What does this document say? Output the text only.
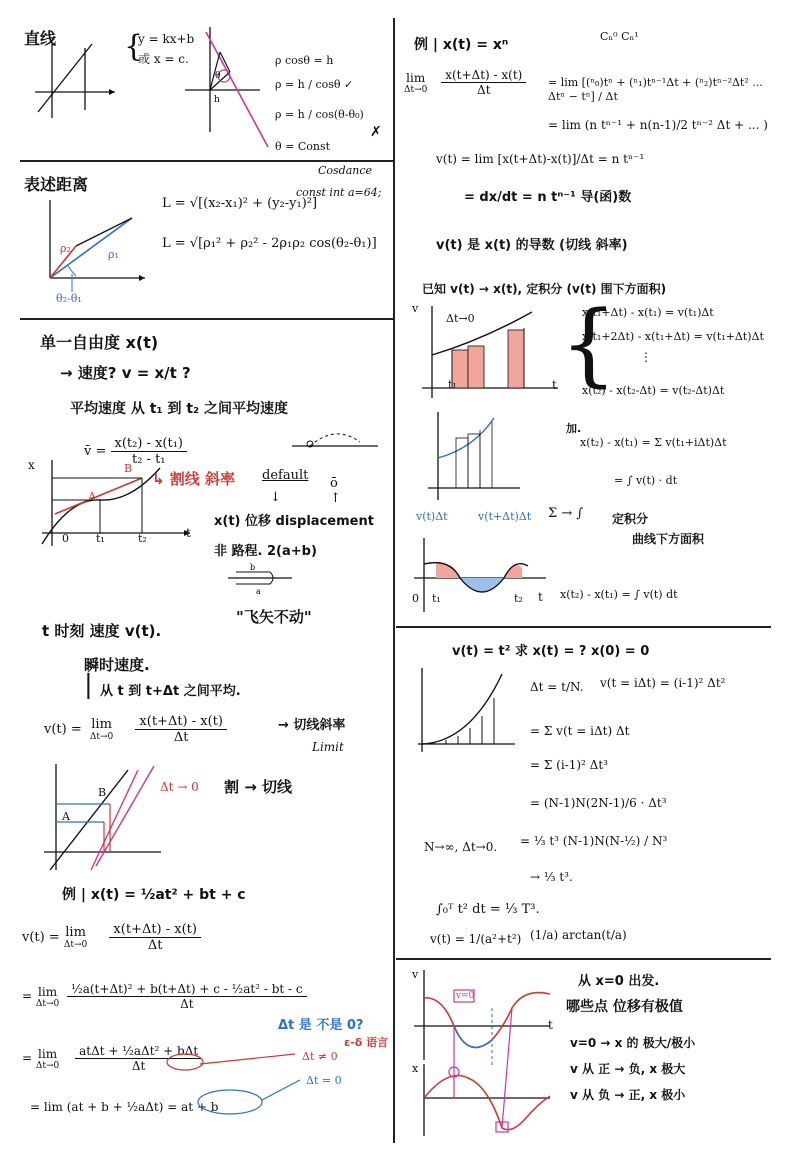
直线 {
y = kx+b
或 x = c.
θ
h
ρ cosθ = h
ρ = h / cosθ ✓
ρ = h / cos(θ-θ₀)
✗
θ = Const
Cosdance
表述距离
ρ₂	ρ₁
θ₂-θ₁
L = √[(x₂-x₁)² + (y₂-y₁)²]
const int a=64;
L = √[ρ₁² + ρ₂² - 2ρ₁ρ₂ cos(θ₂-θ₁)]
单一自由度 x(t)
→ 速度? v = x/t ?
平均速度 从 t₁ 到 t₂ 之间平均速度
v̄ = $\frac{\text{x(t₂) - x(t₁)}}{\text{t₂ - t₁}}$
x
A
B
0 t₁	t₂	t
↳ 割线 斜率 default
ō
↑
↓
x(t) 位移 displacement
非 路程. 2(a+b)
b
a
"飞矢不动"
t 时刻 速度 v(t).
瞬时速度.
| 从 t 到 t+Δt 之间平均.
v(t) = lim
Δt→0
$\frac{x(t+\Delta t) - x(t)}{\Delta t}$	→ 切线斜率
Limit
A
B	Δt → 0 割 → 切线
例 | x(t) = ½at² + bt + c
v(t) = lim
Δt→0
$\frac{x(t+\Delta t) - x(t)}{\Delta t}$
= lim
Δt→0
$\frac{\text{½a(t+Δt)² + b(t+Δt) + c - ½at² - bt - c}}{\Delta t}$
= lim
Δt→0
$\frac{\text{atΔt + ½aΔt² + bΔt}}{\Delta t}$
Δt 是 不是 0?
ε-δ 语言
Δt ≠ 0
Δt = 0
= lim (at + b + ½aΔt) = at + b
例 | x(t) = xⁿ
Cₙ⁰ Cₙ¹
lim
Δt→0
$\frac{x(t+\Delta t) - x(t)}{\Delta t} = \lim [(^n_0)t^n + (^n_1)t^{n-1}\Delta t + (^n_2)t^{n-2}\Delta t^2$ ... Δtⁿ − tⁿ] / Δt
= lim (n tⁿ⁻¹ + n(n-1)/2 tⁿ⁻² Δt + ... )
v(t) = lim [x(t+Δt)-x(t)]/Δt = n tⁿ⁻¹
= dx/dt = n tⁿ⁻¹ 导(函)数
v(t) 是 x(t) 的导数 (切线 斜率)
已知 v(t) → x(t), 定积分 (v(t) 围下方面积)
v
Δt→0
t₁	t {
x(t₁+Δt) - x(t₁) = v(t₁)Δt
x(t₁+2Δt) - x(t₁+Δt) = v(t₁+Δt)Δt
⋮
x(t₂) - x(t₂-Δt) = v(t₂-Δt)Δt
加.
x(t₂) - x(t₁) = Σ v(t₁+iΔt)Δt
= ∫ v(t) · dt
定积分
曲线下方面积
v(t)Δt	v(t+Δt)Δt Σ → ∫
0 t₁	t₂ t x(t₂) - x(t₁) = ∫ v(t) dt
v(t) = t² 求 x(t) = ? x(0) = 0
Δt = t/N. v(t = iΔt) = (i-1)² Δt²
= Σ v(t = iΔt) Δt
= Σ (i-1)² Δt³
= (N-1)N(2N-1)/6 · Δt³
N→∞, Δt→0. = ⅓ t³ (N-1)N(N-½) / N³
→ ⅓ t³.
∫₀ᵀ t² dt = ⅓ T³.
v(t) = 1/(a²+t²) (1/a) arctan(t/a)
v
x
t
v=0
从 x=0 出发.
哪些点 位移有极值
v=0 → x 的 极大/极小
v 从 正 → 负, x 极大
v 从 负 → 正, x 极小
